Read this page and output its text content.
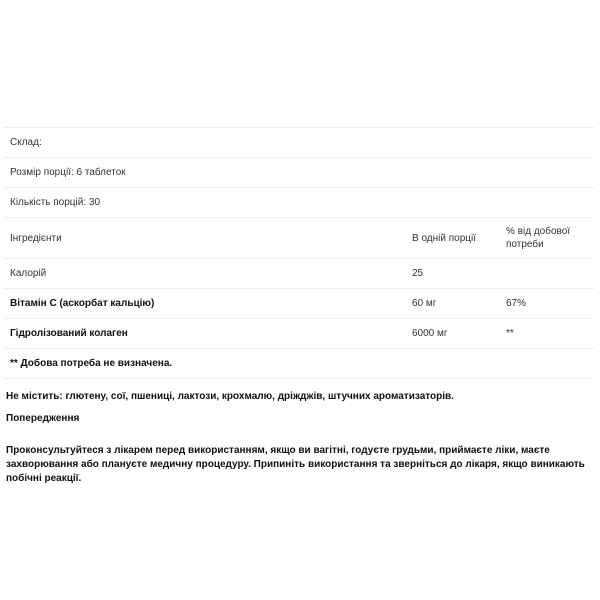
Склад:		
Розмір порції: 6 таблеток		
Кількість порцій: 30		
Інгредієнти	В одній порції	% від добової потреби
Калорій	25	
Вітамін C (аскорбат кальцію)	60 мг	67%
Гідролізований колаген	6000 мг	**
** Добова потреба не визначена.		

Не містить: глютену, сої, пшениці, лактози, крохмалю, дріжджів, штучних ароматизаторів.

Попередження

Проконсультуйтеся з лікарем перед використанням, якщо ви вагітні, годуєте грудьми, приймаєте ліки, маєте захворювання або плануєте медичну процедуру. Припиніть використання та зверніться до лікаря, якщо виникають побічні реакції.
